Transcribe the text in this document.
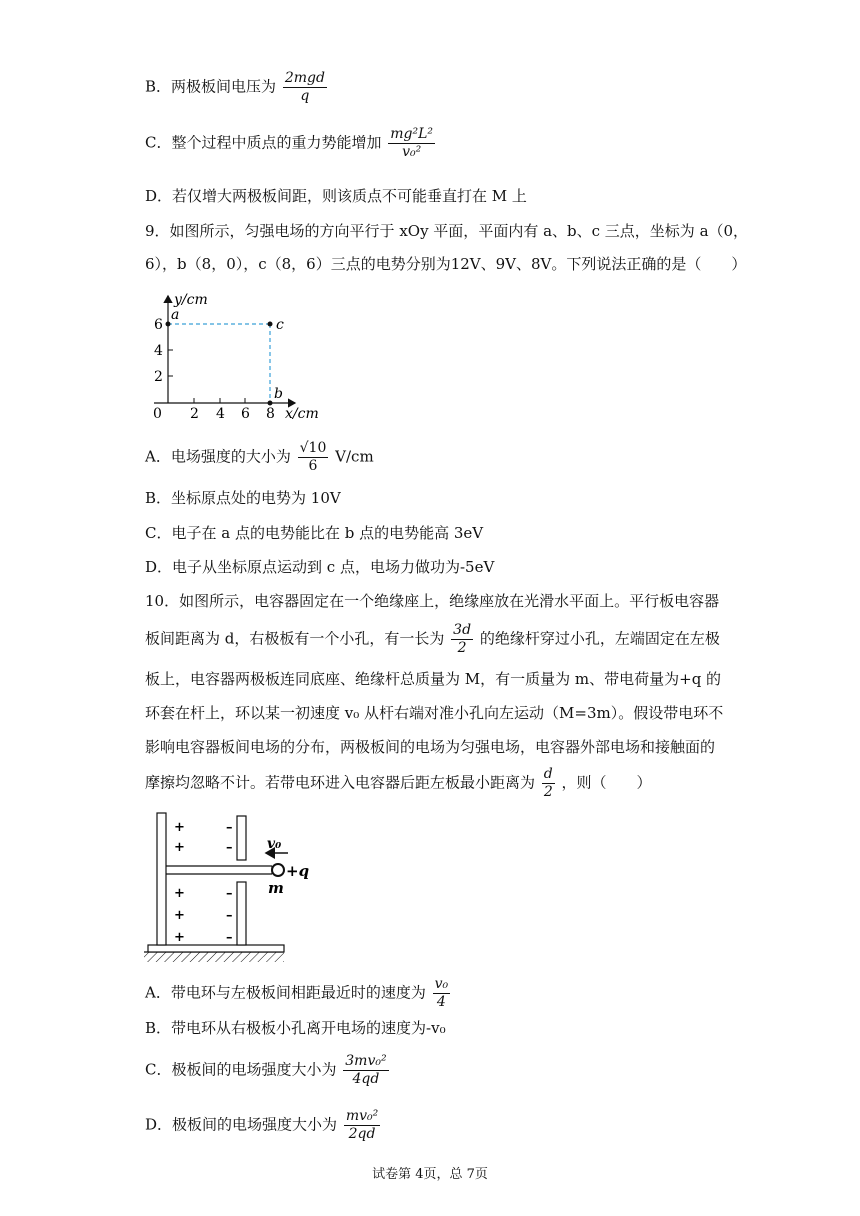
B．两极板间电压为 $\frac{\text{2mgd}}{q}$
C．整个过程中质点的重力势能增加 $\frac{\text{mg²L²}}{\text{v₀²}}$
D．若仅增大两极板间距，则该质点不可能垂直打在 M 上
9．如图所示，匀强电场的方向平行于 xOy 平面，平面内有 a、b、c 三点，坐标为 a（0，
6），b（8，0），c（8，6）三点的电势分别为12V、9V、8V。下列说法正确的是（　　）
y/cm
x/cm
0 2 4 6 8
2
4
6
a
c
b
A．电场强度的大小为 $\frac{√10}{6} V/cm$
B．坐标原点处的电势为 10V
C．电子在 a 点的电势能比在 b 点的电势能高 3eV
D．电子从坐标原点运动到 c 点，电场力做功为-5eV
10．如图所示，电容器固定在一个绝缘座上，绝缘座放在光滑水平面上。平行板电容器
板间距离为 d，右极板有一个小孔，有一长为 $\frac{3d}{2}$ 的绝缘杆穿过小孔，左端固定在左极
板上，电容器两极板连同底座、绝缘杆总质量为 M，有一质量为 m、带电荷量为+q 的
环套在杆上，环以某一初速度 v₀ 从杆右端对准小孔向左运动（M=3m）。假设带电环不
影响电容器板间电场的分布，两极板间的电场为匀强电场，电容器外部电场和接触面的
摩擦均忽略不计。若带电环进入电容器后距左板最小距离为 $\frac{d}{2}$ ，则（　　）
+
+
+
+
+
–
–
–
–
–
v₀
+q
m
A．带电环与左极板间相距最近时的速度为 $\frac{\text{v₀}}{4}$
B．带电环从右极板小孔离开电场的速度为-v₀
C．极板间的电场强度大小为 $\frac{\text{3mv₀²}}{4qd}$
D．极板间的电场强度大小为 $\frac{\text{mv₀²}}{2qd}$
试卷第 4页，总 7页
